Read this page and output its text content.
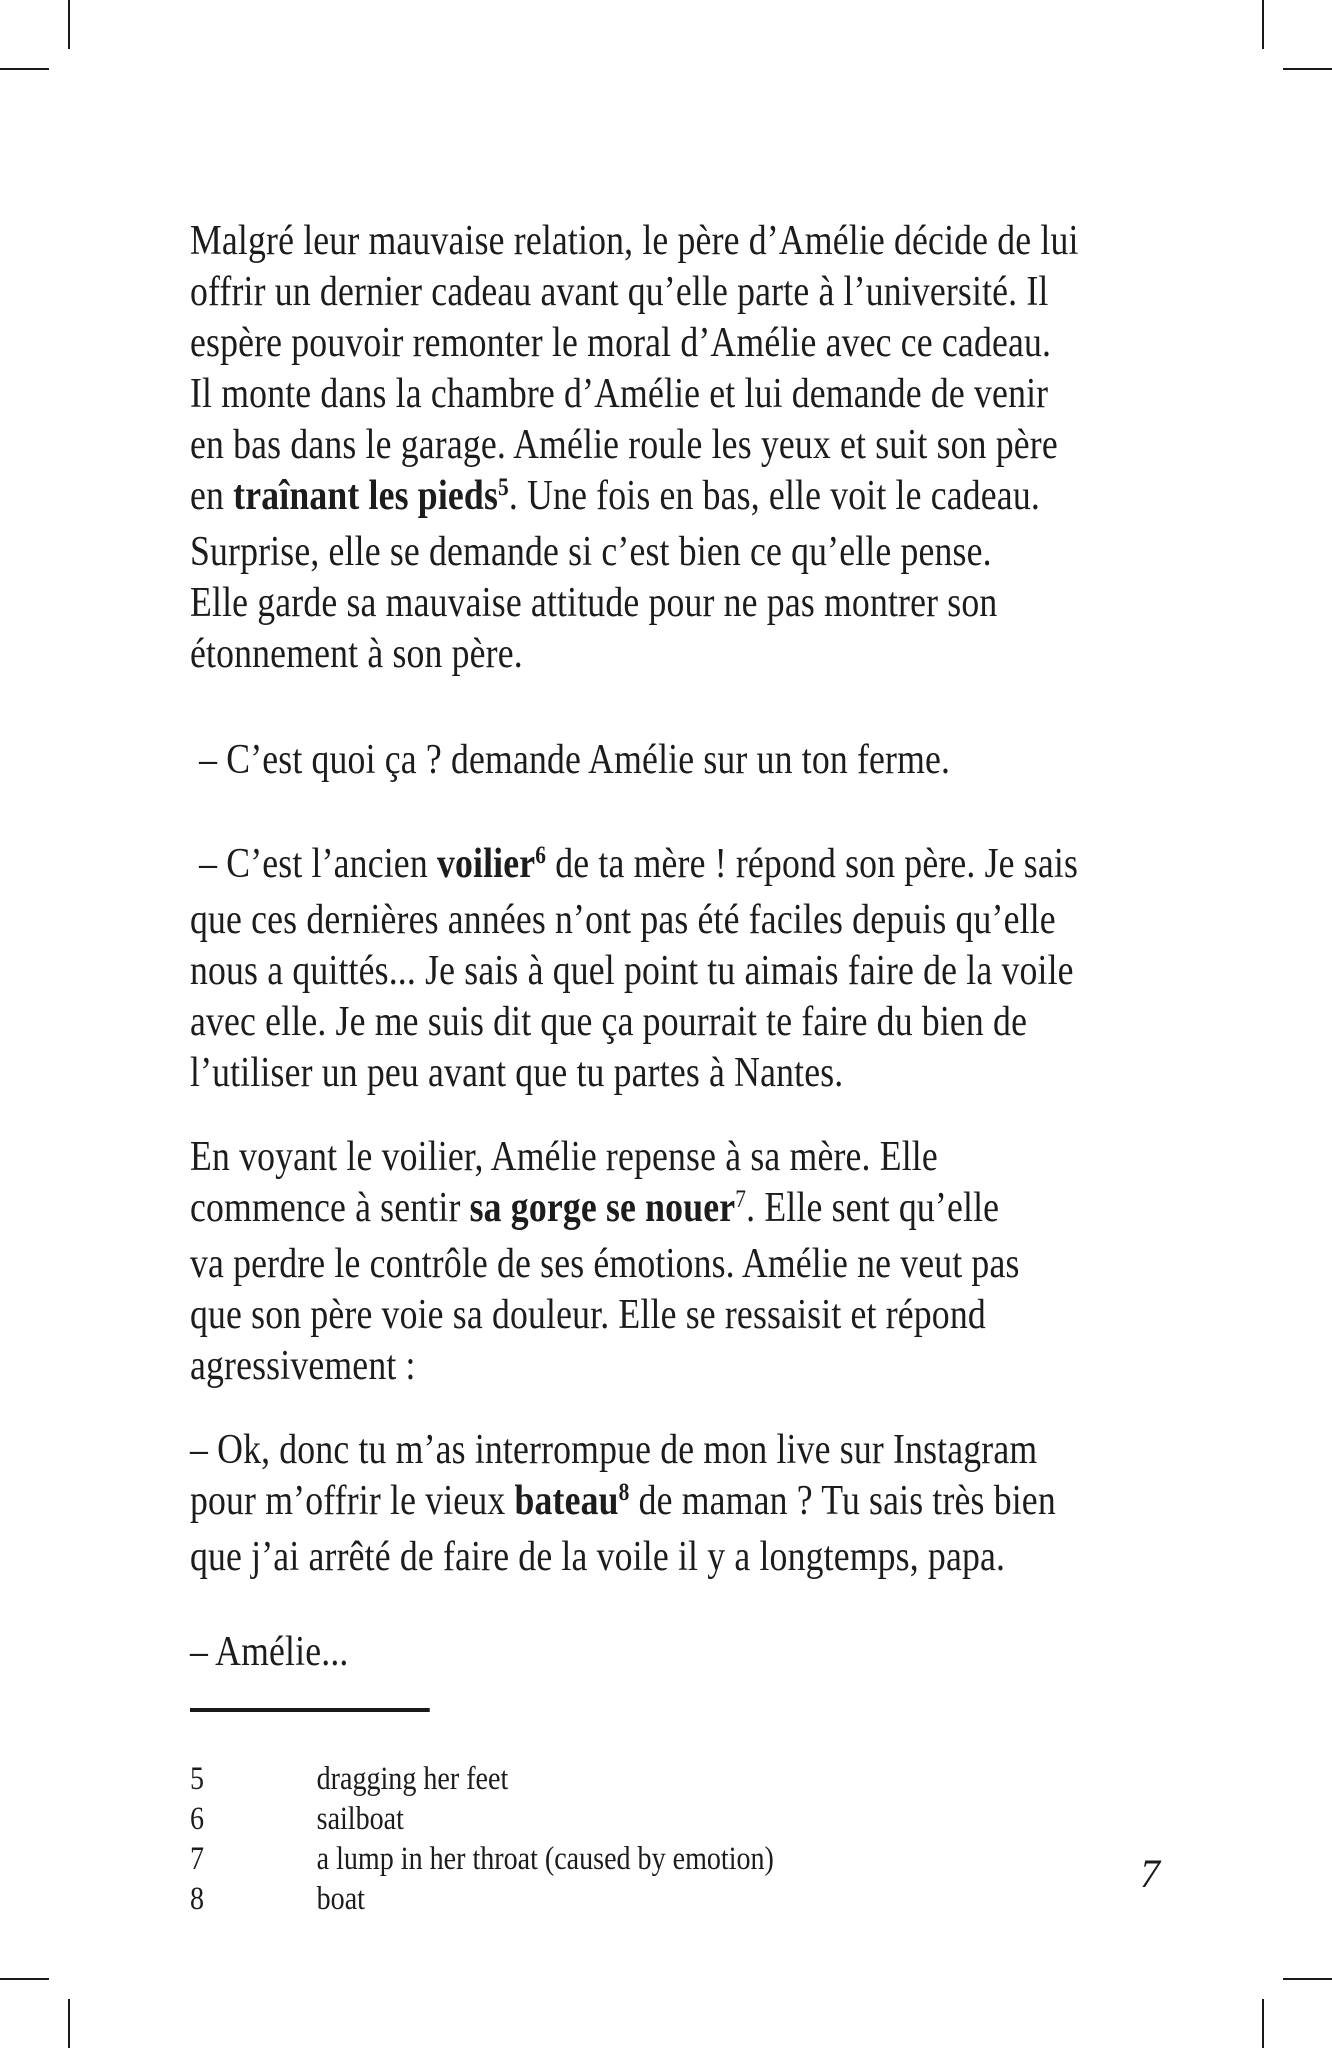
Malgré leur mauvaise relation, le père d’Amélie décide de lui
offrir un dernier cadeau avant qu’elle parte à l’université. Il
espère pouvoir remonter le moral d’Amélie avec ce cadeau.
Il monte dans la chambre d’Amélie et lui demande de venir
en bas dans le garage. Amélie roule les yeux et suit son père
en traînant les pieds$^5$. Une fois en bas, elle voit le cadeau.
Surprise, elle se demande si c’est bien ce qu’elle pense.
Elle garde sa mauvaise attitude pour ne pas montrer son
étonnement à son père.
– C’est quoi ça ? demande Amélie sur un ton ferme.
– C’est l’ancien voilier$^6$ de ta mère ! répond son père. Je sais
que ces dernières années n’ont pas été faciles depuis qu’elle
nous a quittés... Je sais à quel point tu aimais faire de la voile
avec elle. Je me suis dit que ça pourrait te faire du bien de
l’utiliser un peu avant que tu partes à Nantes.
En voyant le voilier, Amélie repense à sa mère. Elle
commence à sentir sa gorge se nouer$^7$. Elle sent qu’elle
va perdre le contrôle de ses émotions. Amélie ne veut pas
que son père voie sa douleur. Elle se ressaisit et répond
agressivement :
– Ok, donc tu m’as interrompue de mon live sur Instagram
pour m’offrir le vieux bateau$^8$ de maman ? Tu sais très bien
que j’ai arrêté de faire de la voile il y a longtemps, papa.
– Amélie...

5	dragging her feet
6	sailboat
7	a lump in her throat (caused by emotion)
8	boat

7
